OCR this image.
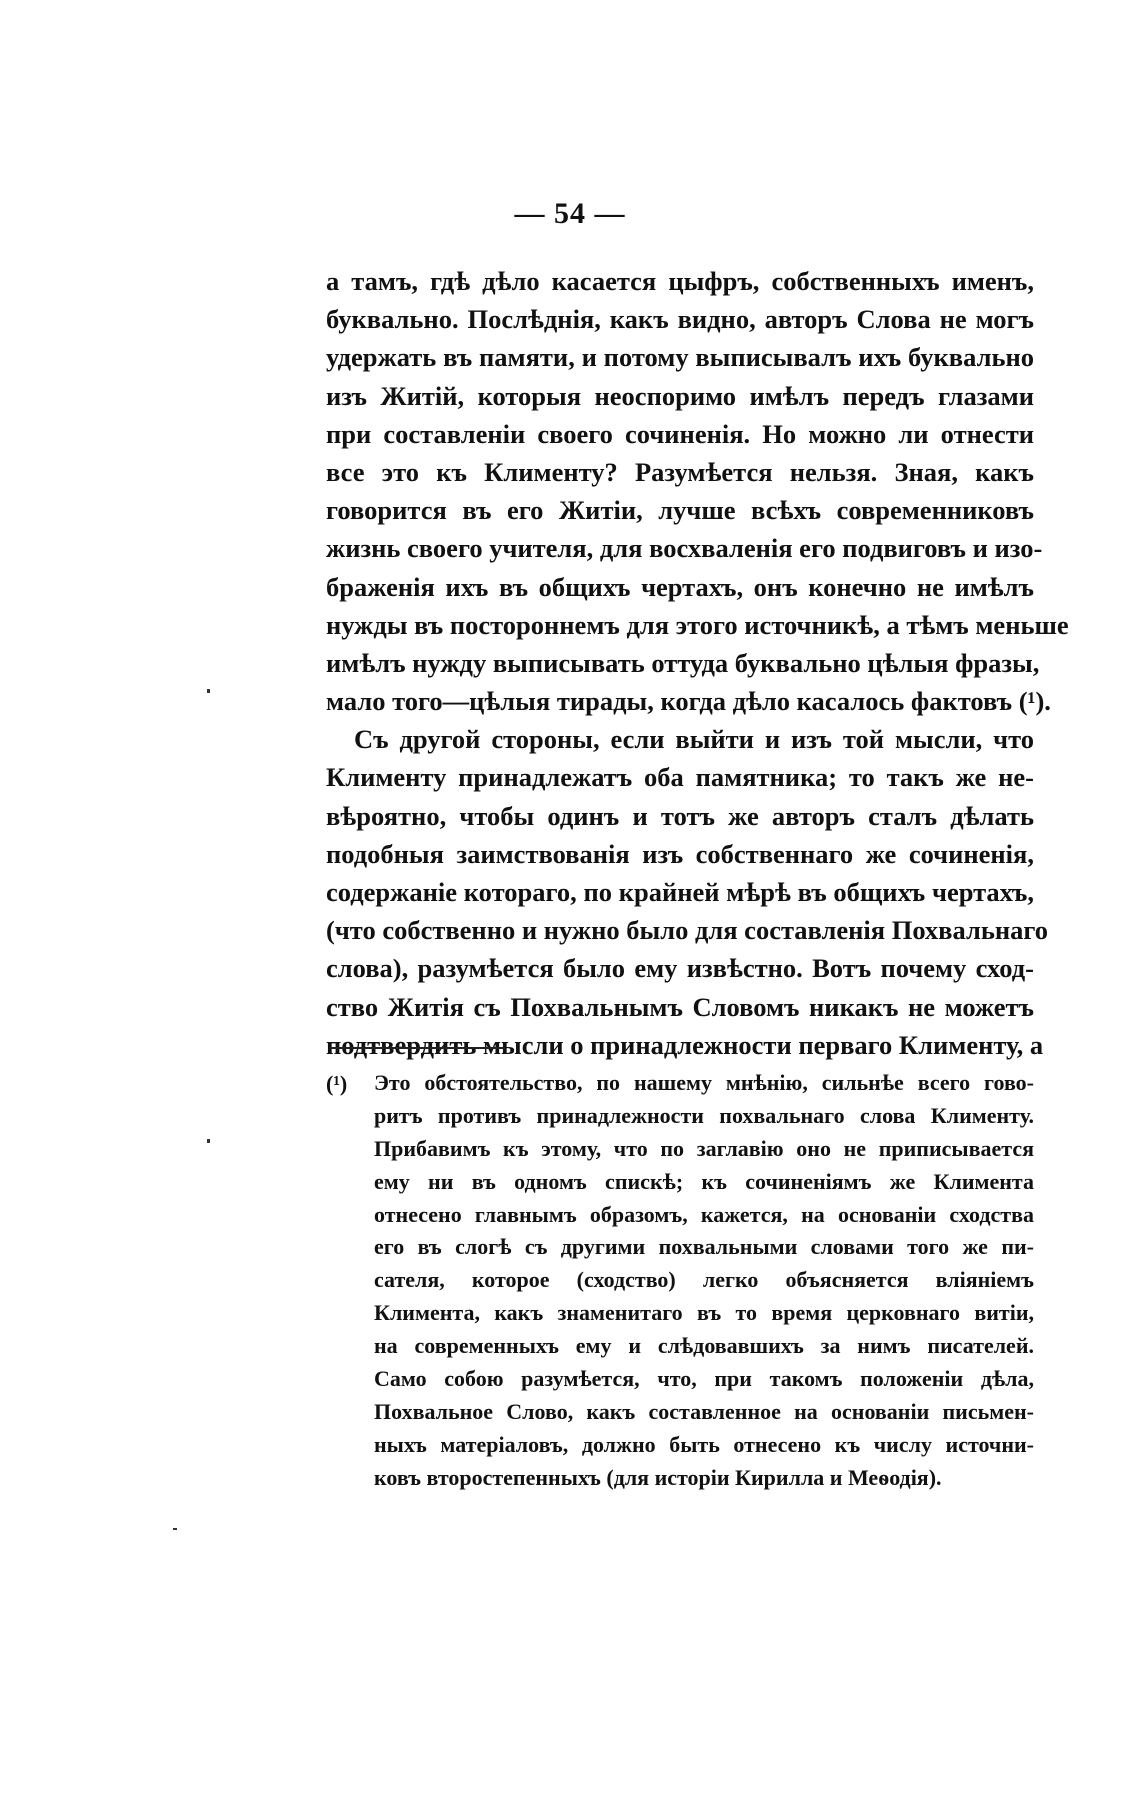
— 54 —
а тамъ, гдѣ дѣло касается цыфръ, собственныхъ именъ,
буквально. Послѣднія, какъ видно, авторъ Слова не могъ
удержать въ памяти, и потому выписывалъ ихъ буквально
изъ Житій, которыя неоспоримо имѣлъ передъ глазами
при составленіи своего сочиненія. Но можно ли отнести
все это къ Клименту? Разумѣется нельзя. Зная, какъ
говорится въ его Житіи, лучше всѣхъ современниковъ
жизнь своего учителя, для восхваленія его подвиговъ и изо-
браженія ихъ въ общихъ чертахъ, онъ конечно не имѣлъ
нужды въ постороннемъ для этого источникѣ, а тѣмъ меньше
имѣлъ нужду выписывать оттуда буквально цѣлыя фразы,
мало того—цѣлыя тирады, когда дѣло касалось фактовъ (¹).
Съ другой стороны, если выйти и изъ той мысли, что
Клименту принадлежатъ оба памятника; то такъ же не-
вѣроятно, чтобы одинъ и тотъ же авторъ сталъ дѣлать
подобныя заимствованія изъ собственнаго же сочиненія,
содержаніе котораго, по крайней мѣрѣ въ общихъ чертахъ,
(что собственно и нужно было для составленія Похвальнаго
слова), разумѣется было ему извѣстно. Вотъ почему сход-
ство Житія съ Похвальнымъ Словомъ никакъ не можетъ
подтвердить мысли о принадлежности перваго Клименту, а
(¹) Это обстоятельство, по нашему мнѣнію, сильнѣе всего гово-
ритъ противъ принадлежности похвальнаго слова Клименту.
Прибавимъ къ этому, что по заглавію оно не приписывается
ему ни въ одномъ спискѣ; къ сочиненіямъ же Климента
отнесено главнымъ образомъ, кажется, на основаніи сходства
его въ слогѣ съ другими похвальными словами того же пи-
сателя, которое (сходство) легко объясняется вліяніемъ
Климента, какъ знаменитаго въ то время церковнаго витіи,
на современныхъ ему и слѣдовавшихъ за нимъ писателей.
Само собою разумѣется, что, при такомъ положеніи дѣла,
Похвальное Слово, какъ составленное на основаніи письмен-
ныхъ матеріаловъ, должно быть отнесено къ числу источни-
ковъ второстепенныхъ (для исторіи Кирилла и Меѳодія).
